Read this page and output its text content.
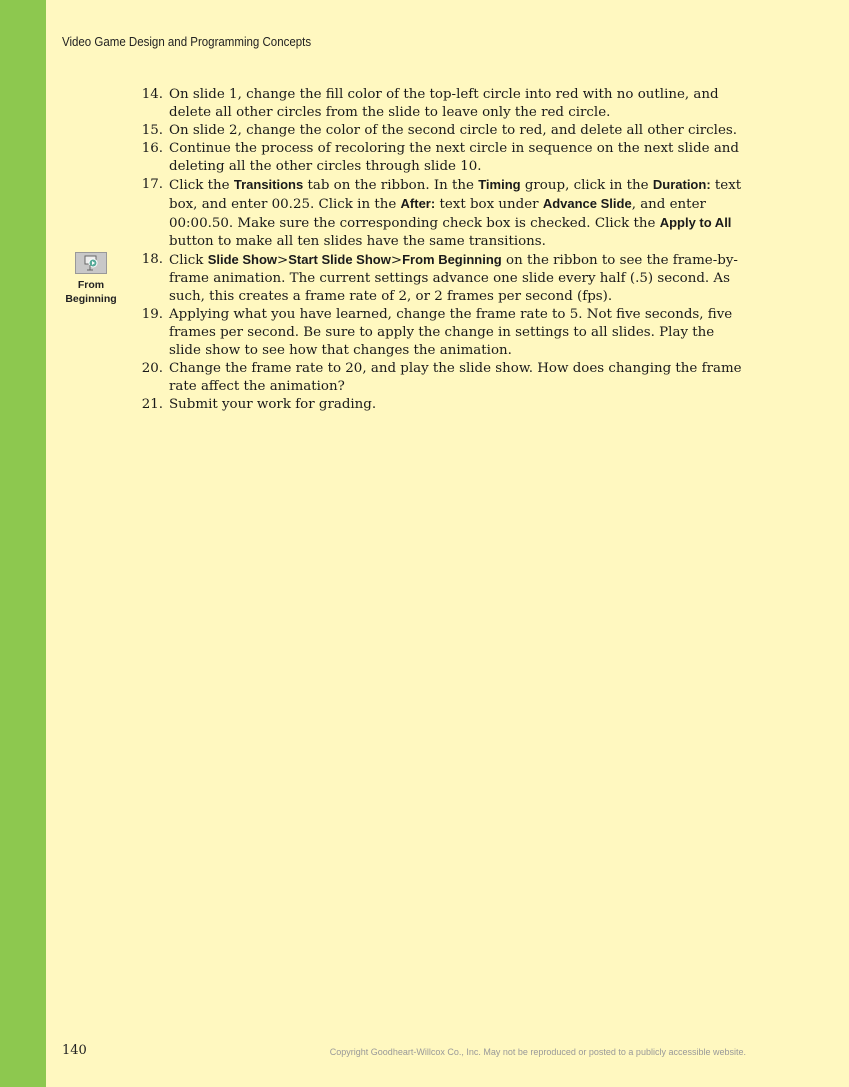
Video Game Design and Programming Concepts
From
Beginning
14. On slide 1, change the fill color of the top-left circle into red with no outline, and delete all other circles from the slide to leave only the red circle.
15. On slide 2, change the color of the second circle to red, and delete all other circles.
16. Continue the process of recoloring the next circle in sequence on the next slide and deleting all the other circles through slide 10.
17. Click the Transitions tab on the ribbon. In the Timing group, click in the Duration: text box, and enter 00.25. Click in the After: text box under Advance Slide, and enter 00:00.50. Make sure the corresponding check box is checked. Click the Apply to All button to make all ten slides have the same transitions.
18. Click Slide Show>Start Slide Show>From Beginning on the ribbon to see the frame-by-frame animation. The current settings advance one slide every half (.5) second. As such, this creates a frame rate of 2, or 2 frames per second (fps).
19. Applying what you have learned, change the frame rate to 5. Not five seconds, five frames per second. Be sure to apply the change in settings to all slides. Play the slide show to see how that changes the animation.
20. Change the frame rate to 20, and play the slide show. How does changing the frame rate affect the animation?
21. Submit your work for grading.
140	Copyright Goodheart-Willcox Co., Inc. May not be reproduced or posted to a publicly accessible website.
